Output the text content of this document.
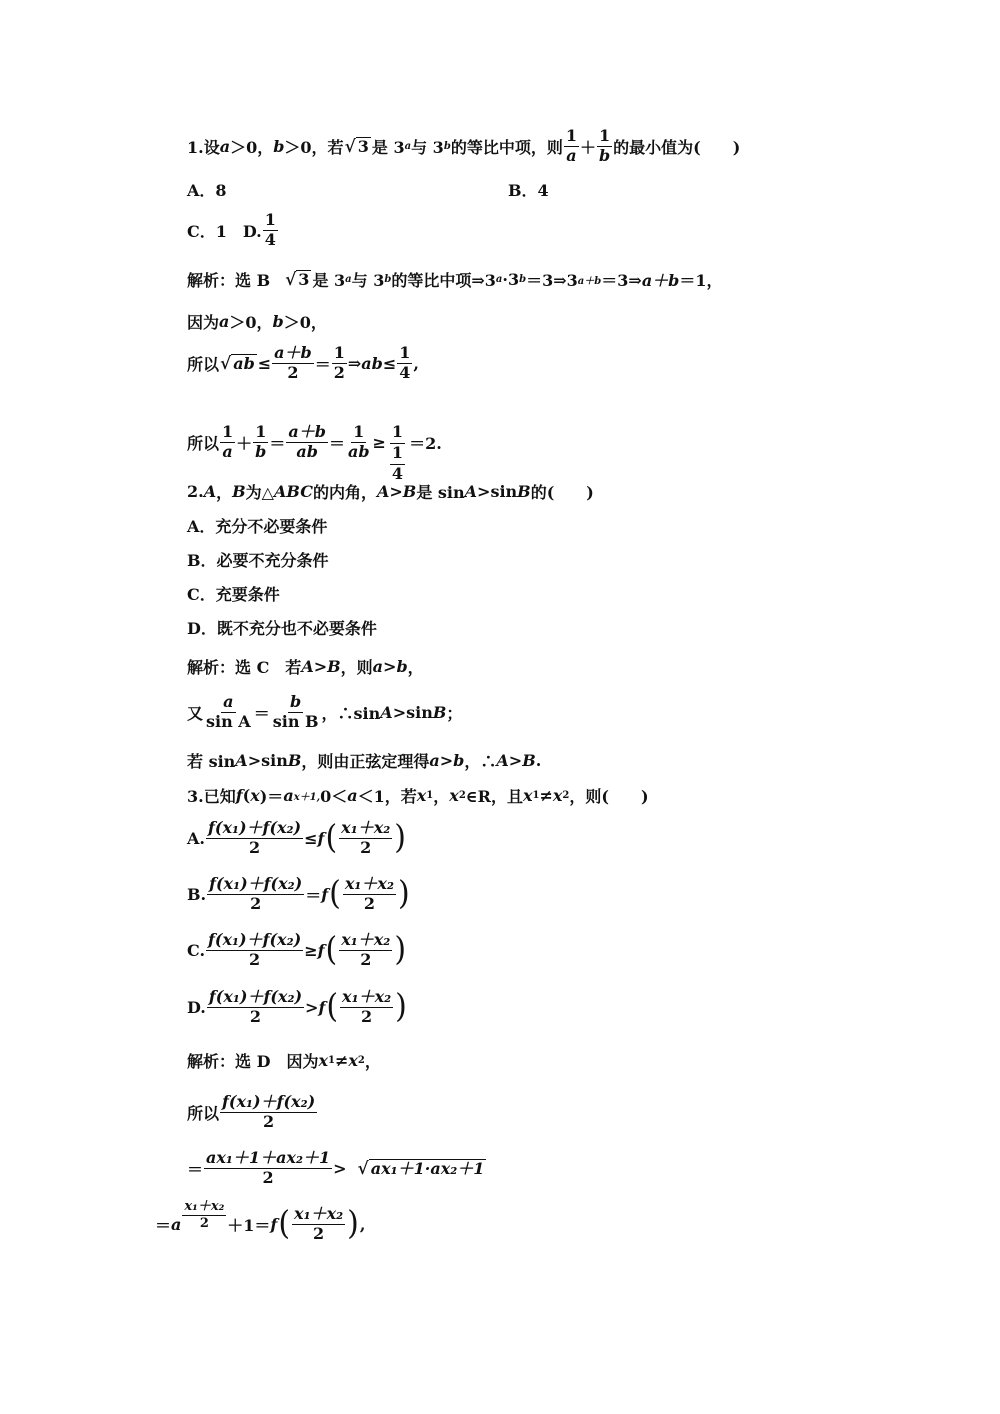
1.设 a ＞0， b ＞0，若 √ 3 是 3 a 与 3 b 的等比中项，则 $\frac{1}{a} + \frac{1}{b}$ 的最小值为(　　)
A．8	B．4
C．1　D. $\frac{1}{4}$
解析：选 B √ 3 是 3 a 与 3 b 的等比中项⇒3 a ·3 b ＝3⇒3 a＋b ＝3⇒ a＋b ＝1，
因为 a ＞0， b ＞0，
所以 √ ab ≤ $\frac{a+b}{2} = \frac{1}{2}$ ⇒ ab ≤ $\frac{1}{4}$ ,
所以 $\frac{1}{a} + \frac{1}{b} = \frac{a+b}{ab} = \frac{1}{ab} \ge \frac{1}{\frac{1}{4}} =2$.
2. A ， B 为△ ABC 的内角， A>B 是 sin A >sin B 的(　　)
A．充分不必要条件
B．必要不充分条件
C．充要条件
D．既不充分也不必要条件
解析：选 C　若 A>B ，则 a>b ，
又 $\frac{a}{\text{sin A}} = \frac{b}{\text{sin B}}$ ，∴sin A >sin B ；
若 sin A >sin B ，则由正弦定理得 a>b ，∴ A>B .
3.已知 f ( x )＝ a x＋1, 0＜ a ＜1，若 x 1 ， x 2 ∈R，且 x 1 ≠ x 2 ，则(　　)
A. $\frac{\text{f(x₁)＋f(x₂)}}{2} \le f$ ( $\frac{\text{x₁＋x₂}}{2}$ )
B. $\frac{\text{f(x₁)＋f(x₂)}}{2} = f$ ( $\frac{\text{x₁＋x₂}}{2}$ )
C. $\frac{\text{f(x₁)＋f(x₂)}}{2} \ge f$ ( $\frac{\text{x₁＋x₂}}{2}$ )
D. $\frac{\text{f(x₁)＋f(x₂)}}{2} > f$ ( $\frac{\text{x₁＋x₂}}{2}$ )
解析：选 D　因为 x 1 ≠ x 2 ，
所以 $\frac{\text{f(x₁)＋f(x₂)}}{2}$
＝ $\frac{\text{ax₁＋1＋ax₂＋1}}{2}$ > √ ax₁＋1·ax₂＋1
＝ a $\frac{\text{x₁＋x₂}}{2} +1= f$ ( $\frac{\text{x₁＋x₂}}{2}$ ) ,
